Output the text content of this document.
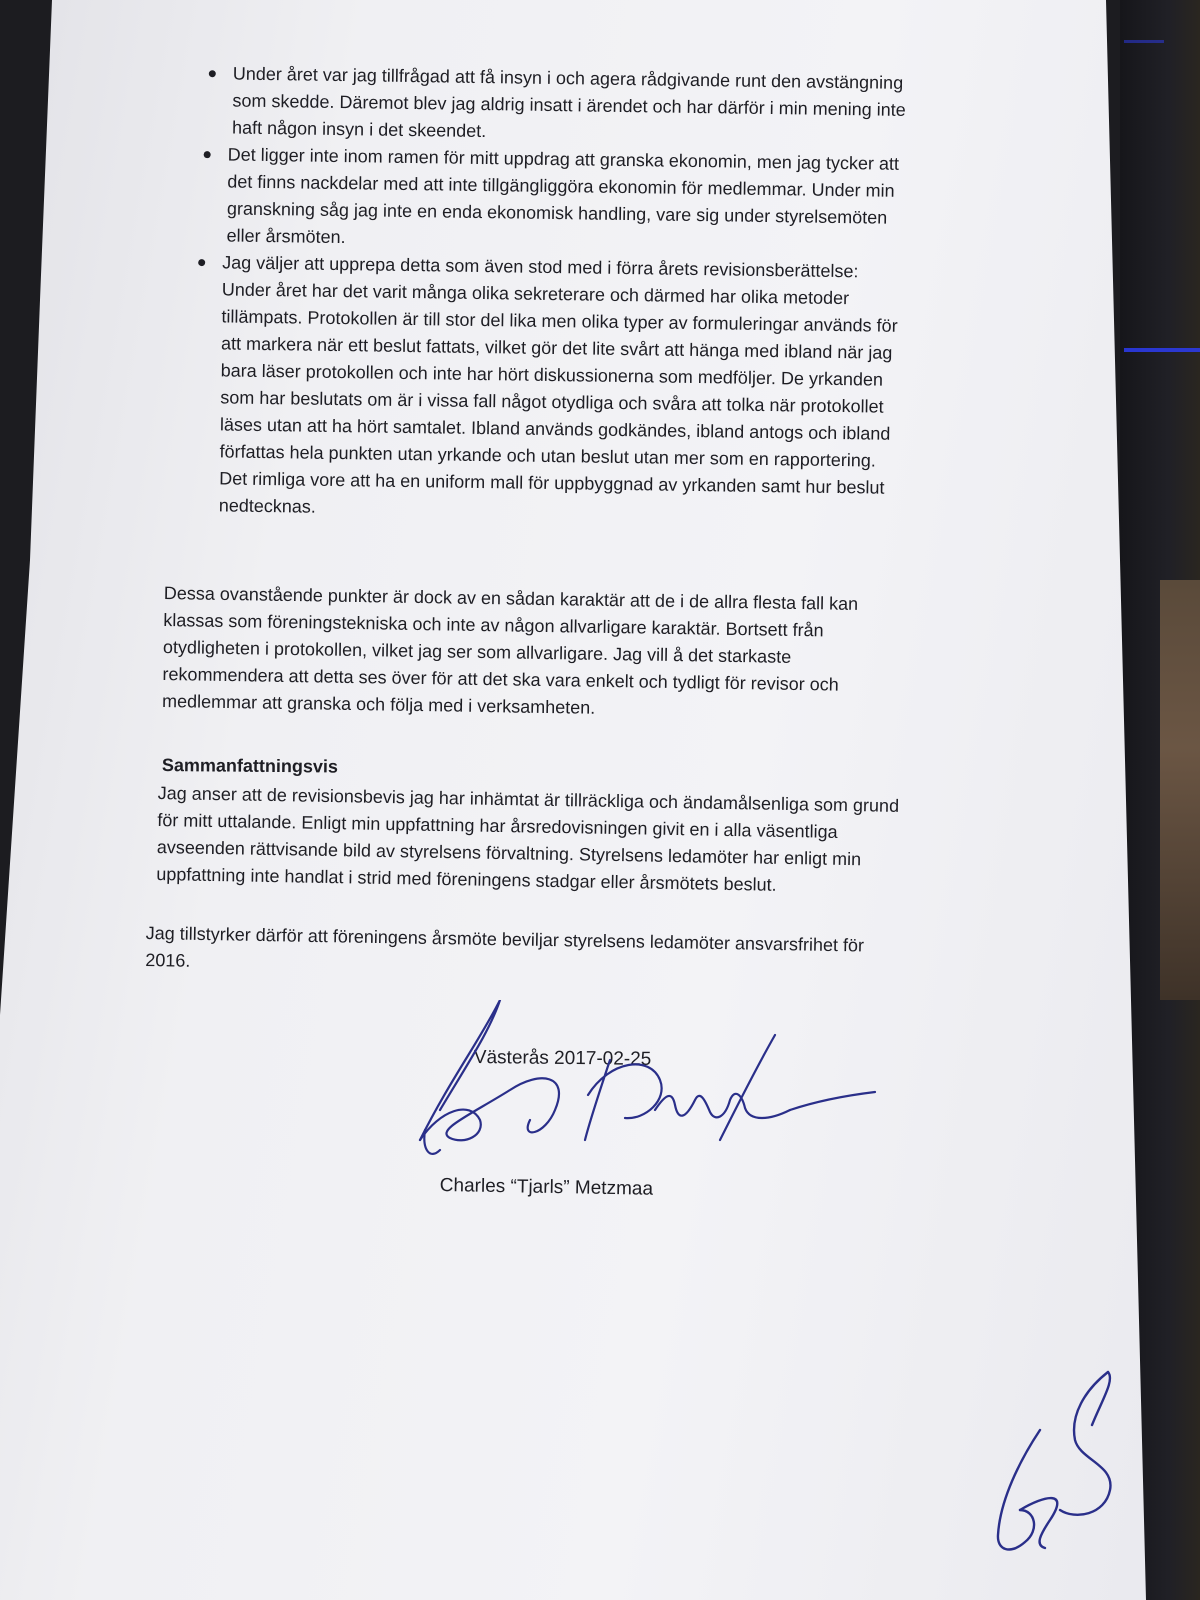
Under året var jag tillfrågad att få insyn i och agera rådgivande runt den avstängning
som skedde. Däremot blev jag aldrig insatt i ärendet och har därför i min mening inte
haft någon insyn i det skeendet.
Det ligger inte inom ramen för mitt uppdrag att granska ekonomin, men jag tycker att
det finns nackdelar med att inte tillgängliggöra ekonomin för medlemmar. Under min
granskning såg jag inte en enda ekonomisk handling, vare sig under styrelsemöten
eller årsmöten.
Jag väljer att upprepa detta som även stod med i förra årets revisionsberättelse:
Under året har det varit många olika sekreterare och därmed har olika metoder
tillämpats. Protokollen är till stor del lika men olika typer av formuleringar används för
att markera när ett beslut fattats, vilket gör det lite svårt att hänga med ibland när jag
bara läser protokollen och inte har hört diskussionerna som medföljer. De yrkanden
som har beslutats om är i vissa fall något otydliga och svåra att tolka när protokollet
läses utan att ha hört samtalet. Ibland används godkändes, ibland antogs och ibland
författas hela punkten utan yrkande och utan beslut utan mer som en rapportering.
Det rimliga vore att ha en uniform mall för uppbyggnad av yrkanden samt hur beslut
nedtecknas.
Dessa ovanstående punkter är dock av en sådan karaktär att de i de allra flesta fall kan
klassas som föreningstekniska och inte av någon allvarligare karaktär. Bortsett från
otydligheten i protokollen, vilket jag ser som allvarligare. Jag vill å det starkaste
rekommendera att detta ses över för att det ska vara enkelt och tydligt för revisor och
medlemmar att granska och följa med i verksamheten.
Sammanfattningsvis
Jag anser att de revisionsbevis jag har inhämtat är tillräckliga och ändamålsenliga som grund
för mitt uttalande. Enligt min uppfattning har årsredovisningen givit en i alla väsentliga
avseenden rättvisande bild av styrelsens förvaltning. Styrelsens ledamöter har enligt min
uppfattning inte handlat i strid med föreningens stadgar eller årsmötets beslut.
Jag tillstyrker därför att föreningens årsmöte beviljar styrelsens ledamöter ansvarsfrihet för
2016.
Västerås 2017-02-25
Charles “Tjarls” Metzmaa
